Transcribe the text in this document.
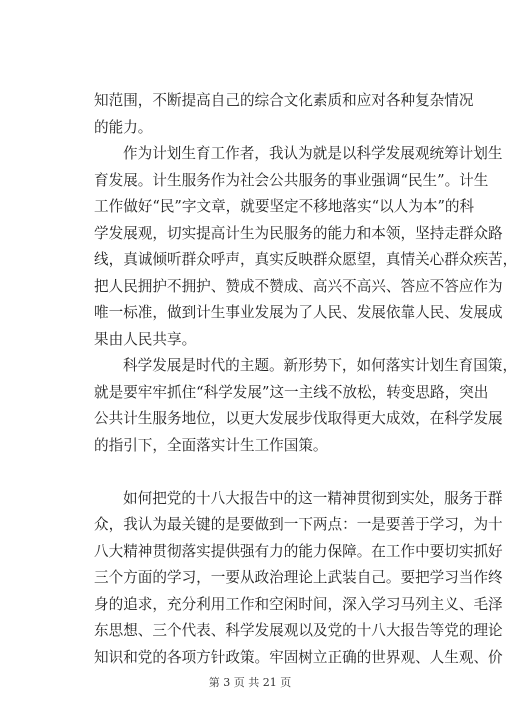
知范围，不断提高自己的综合文化素质和应对各种复杂情况
的能力。
作为计划生育工作者，我认为就是以科学发展观统筹计划生
育发展。计生服务作为社会公共服务的事业强调“民生”。计生
工作做好“民”字文章，就要坚定不移地落实“以人为本”的科
学发展观，切实提高计生为民服务的能力和本领，坚持走群众路
线，真诚倾听群众呼声，真实反映群众愿望，真情关心群众疾苦，
把人民拥护不拥护、赞成不赞成、高兴不高兴、答应不答应作为
唯一标准，做到计生事业发展为了人民、发展依靠人民、发展成
果由人民共享。
科学发展是时代的主题。新形势下，如何落实计划生育国策，
就是要牢牢抓住“科学发展”这一主线不放松，转变思路，突出
公共计生服务地位，以更大发展步伐取得更大成效，在科学发展
的指引下，全面落实计生工作国策。
如何把党的十八大报告中的这一精神贯彻到实处，服务于群
众，我认为最关键的是要做到一下两点：一是要善于学习，为十
八大精神贯彻落实提供强有力的能力保障。在工作中要切实抓好
三个方面的学习，一要从政治理论上武装自己。要把学习当作终
身的追求，充分利用工作和空闲时间，深入学习马列主义、毛泽
东思想、三个代表、科学发展观以及党的十八大报告等党的理论
知识和党的各项方针政策。牢固树立正确的世界观、人生观、价
第 3 页 共 21 页
